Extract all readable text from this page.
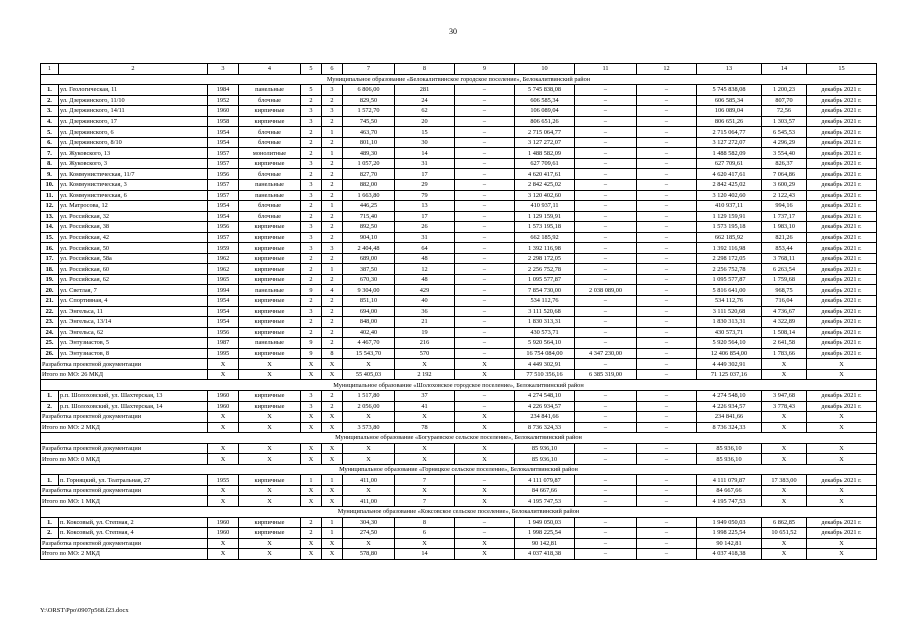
30
1	2	3	4	5	6	7	8	9	10	11	12	13	14	15
Муниципальное образование «Белокалитвинское городское поселение», Белокалитвинский район														
1.	ул. Геологическая, 11	1984	панельные	5	3	6 806,00	281	–	5 745 838,08	–	–	5 745 838,08	1 200,23	декабрь 2021 г.
2.	ул. Дзержинского, 11/10	1952	блочные	2	2	829,50	24	–	606 585,34	–	–	606 585,34	807,70	декабрь 2021 г.
3.	ул. Дзержинского, 14/11	1960	кирпичные	3	3	1 572,70	62	–	106 089,04	–	–	106 089,04	72,56	декабрь 2021 г.
4.	ул. Дзержинского, 17	1958	кирпичные	3	2	745,50	20	–	806 651,26	–	–	806 651,26	1 303,57	декабрь 2021 г.
5.	ул. Дзержинского, 6	1954	блочные	2	1	463,70	15	–	2 715 064,77	–	–	2 715 064,77	6 545,53	декабрь 2021 г.
6.	ул. Дзержинского, 8/10	1954	блочные	2	2	801,10	30	–	3 127 272,07	–	–	3 127 272,07	4 296,29	декабрь 2021 г.
7.	ул. Жуковского, 13	1957	монолитные	2	1	489,30	14	–	1 488 582,09	–	–	1 488 582,09	3 554,40	декабрь 2021 г.
8.	ул. Жуковского, 3	1957	кирпичные	3	2	1 057,20	31	–	627 709,61	–	–	627 709,61	826,37	декабрь 2021 г.
9.	ул. Коммунистическая, 11/7	1956	блочные	2	2	827,70	17	–	4 620 417,61	–	–	4 620 417,61	7 064,86	декабрь 2021 г.
10.	ул. Коммунистическая, 3	1957	панельные	3	2	882,00	29	–	2 842 425,02	–	–	2 842 425,02	3 600,29	декабрь 2021 г.
11.	ул. Коммунистическая, 6	1957	панельные	3	2	1 663,80	79	–	3 120 402,60	–	–	3 120 402,60	2 122,43	декабрь 2021 г.
12.	ул. Матросова, 12	1954	блочные	2	1	446,25	13	–	410 937,11	–	–	410 937,11	994,16	декабрь 2021 г.
13.	ул. Российская, 32	1954	блочные	2	2	715,40	17	–	1 129 159,91	–	–	1 129 159,91	1 737,17	декабрь 2021 г.
14.	ул. Российская, 38	1956	кирпичные	3	2	892,50	26	–	1 573 195,18	–	–	1 573 195,18	1 983,10	декабрь 2021 г.
15.	ул. Российская, 42	1957	кирпичные	3	2	904,10	31	–	662 185,92	–	–	662 185,92	821,26	декабрь 2021 г.
16.	ул. Российская, 50	1959	кирпичные	3	3	2 404,48	64	–	1 392 116,98	–	–	1 392 116,98	853,44	декабрь 2021 г.
17.	ул. Российская, 58а	1962	кирпичные	2	2	689,00	48	–	2 298 172,05	–	–	2 298 172,05	3 768,11	декабрь 2021 г.
18.	ул. Российская, 60	1962	кирпичные	2	1	387,50	12	–	2 256 752,78	–	–	2 256 752,78	6 263,54	декабрь 2021 г.
19.	ул. Российская, 62	1965	кирпичные	2	2	670,30	48	–	1 095 577,87	–	–	1 095 577,87	1 759,68	декабрь 2021 г.
20.	ул. Светлая, 7	1994	панельные	9	4	9 304,00	429	–	7 854 730,00	2 038 089,00	–	5 816 641,00	968,75	декабрь 2021 г.
21.	ул. Спортивная, 4	1954	кирпичные	2	2	851,10	40	–	534 112,76	–	–	534 112,76	716,04	декабрь 2021 г.
22.	ул. Энгельса, 11	1954	кирпичные	3	2	694,00	36	–	3 111 520,68	–	–	3 111 520,68	4 736,67	декабрь 2021 г.
23.	ул. Энгельса, 13/14	1954	кирпичные	2	2	848,00	21	–	1 830 313,31	–	–	1 830 313,31	4 322,89	декабрь 2021 г.
24.	ул. Энгельса, 62	1956	кирпичные	2	2	402,40	19	–	430 573,71	–	–	430 573,71	1 508,14	декабрь 2021 г.
25.	ул. Энтузиастов, 5	1987	панельные	9	2	4 467,70	216	–	5 920 564,10	–	–	5 920 564,10	2 641,58	декабрь 2021 г.
26.	ул. Энтузиастов, 8	1995	кирпичные	9	8	15 543,70	570	–	16 754 084,00	4 347 230,00	–	12 406 854,00	1 783,66	декабрь 2021 г.
Разработка проектной документации		X	X	X	X	X	X	X	4 449 302,91	–	–	4 449 302,91	X	X
Итого по МО: 26 МКД		X	X	X	X	55 405,03	2 192	X	77 510 356,16	6 385 319,00	–	71 125 037,16	X	X
Муниципальное образование «Шолоховское городское поселение», Белокалитвинский район														
1.	р.п. Шолоховский, ул. Шахтерская, 13	1960	кирпичные	3	2	1 517,80	37	–	4 274 548,10	–	–	4 274 548,10	3 947,68	декабрь 2021 г.
2.	р.п. Шолоховский, ул. Шахтерская, 14	1960	кирпичные	3	2	2 056,00	41	–	4 226 934,57	–	–	4 226 934,57	3 778,43	декабрь 2021 г.
Разработка проектной документации		X	X	X	X	X	X	X	234 841,66	–	–	234 841,66	X	X
Итого по МО: 2 МКД		X	X	X	X	3 573,80	78	X	8 736 324,33	–	–	8 736 324,33	X	X
Муниципальное образование «Богураевское сельское поселение», Белокалитвинский район														
Разработка проектной документации		X	X	X	X	X	X	X	85 936,10	–	–	85 936,10	X	X
Итого по МО: 0 МКД		X	X	X	X	X	X	X	85 936,10	–	–	85 936,10	X	X
Муниципальное образование «Горняцкое сельское поселение», Белокалитвинский район														
1.	п. Горняцкий, ул. Театральная, 27	1955	кирпичные	1	1	411,00	7	–	4 111 079,87	–	–	4 111 079,87	17 383,00	декабрь 2021 г.
Разработка проектной документации		X	X	X	X	X	X	X	84 667,66	–	–	84 667,66	X	X
Итого по МО: 1 МКД		X	X	X	X	411,00	7	X	4 195 747,53	–	–	4 195 747,53	X	X
Муниципальное образование «Коксовское сельское поселение», Белокалитвинский район														
1.	п. Коксовый, ул. Степная, 2	1960	кирпичные	2	1	304,30	8	–	1 949 050,03	–	–	1 949 050,03	6 862,85	декабрь 2021 г.
2.	п. Коксовый, ул. Степная, 4	1960	кирпичные	2	1	274,50	6	–	1 998 225,54	–	–	1 998 225,54	10 651,52	декабрь 2021 г.
Разработка проектной документации		X	X	X	X	X	X	X	90 142,81	–	–	90 142,81	X	X
Итого по МО: 2 МКД		X	X	X	X	578,80	14	X	4 037 418,38	–	–	4 037 418,38	X	X
Y:\ORST\Ppo\0907p568.f23.docx
